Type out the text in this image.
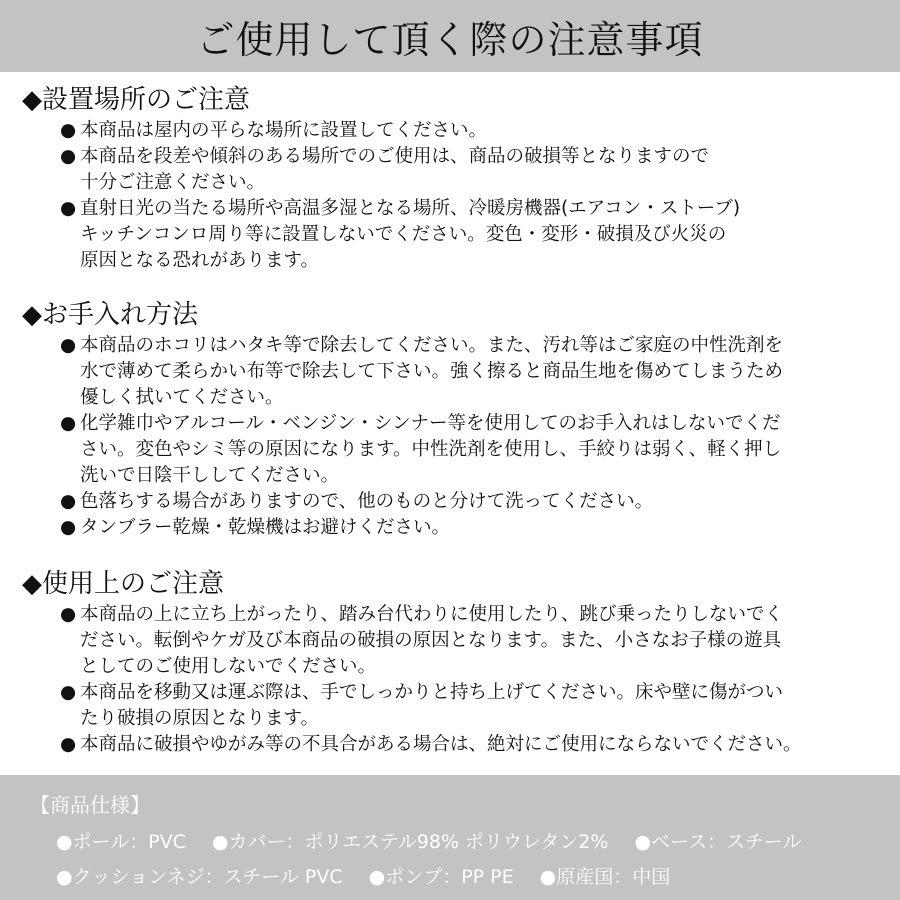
ご使用して頂く際の注意事項
◆設置場所のご注意
● 本商品は屋内の平らな場所に設置してください。
● 本商品を段差や傾斜のある場所でのご使用は、商品の破損等となりますので
十分ご注意ください。
● 直射日光の当たる場所や高温多湿となる場所、冷暖房機器(エアコン・ストーブ)
キッチンコンロ周り等に設置しないでください。変色・変形・破損及び火災の
原因となる恐れがあります。
◆お手入れ方法
● 本商品のホコリはハタキ等で除去してください。また、汚れ等はご家庭の中性洗剤を
水で薄めて柔らかい布等で除去して下さい。強く擦ると商品生地を傷めてしまうため
優しく拭いてください。
● 化学雑巾やアルコール・ベンジン・シンナー等を使用してのお手入れはしないでくだ
さい。変色やシミ等の原因になります。中性洗剤を使用し、手絞りは弱く、軽く押し
洗いで日陰干ししてください。
● 色落ちする場合がありますので、他のものと分けて洗ってください。
● タンブラー乾燥・乾燥機はお避けください。
◆使用上のご注意
● 本商品の上に立ち上がったり、踏み台代わりに使用したり、跳び乗ったりしないでく
ださい。転倒やケガ及び本商品の破損の原因となります。また、小さなお子様の遊具
としてのご使用しないでください。
● 本商品を移動又は運ぶ際は、手でしっかりと持ち上げてください。床や壁に傷がつい
たり破損の原因となります。
● 本商品に破損やゆがみ等の不具合がある場合は、絶対にご使用にならないでください。
【商品仕様】
●ポール：PVC ●カバー：ポリエステル98% ポリウレタン2% ●ベース：スチール
●クッションネジ：スチール PVC ●ポンプ：PP PE ●原産国：中国
